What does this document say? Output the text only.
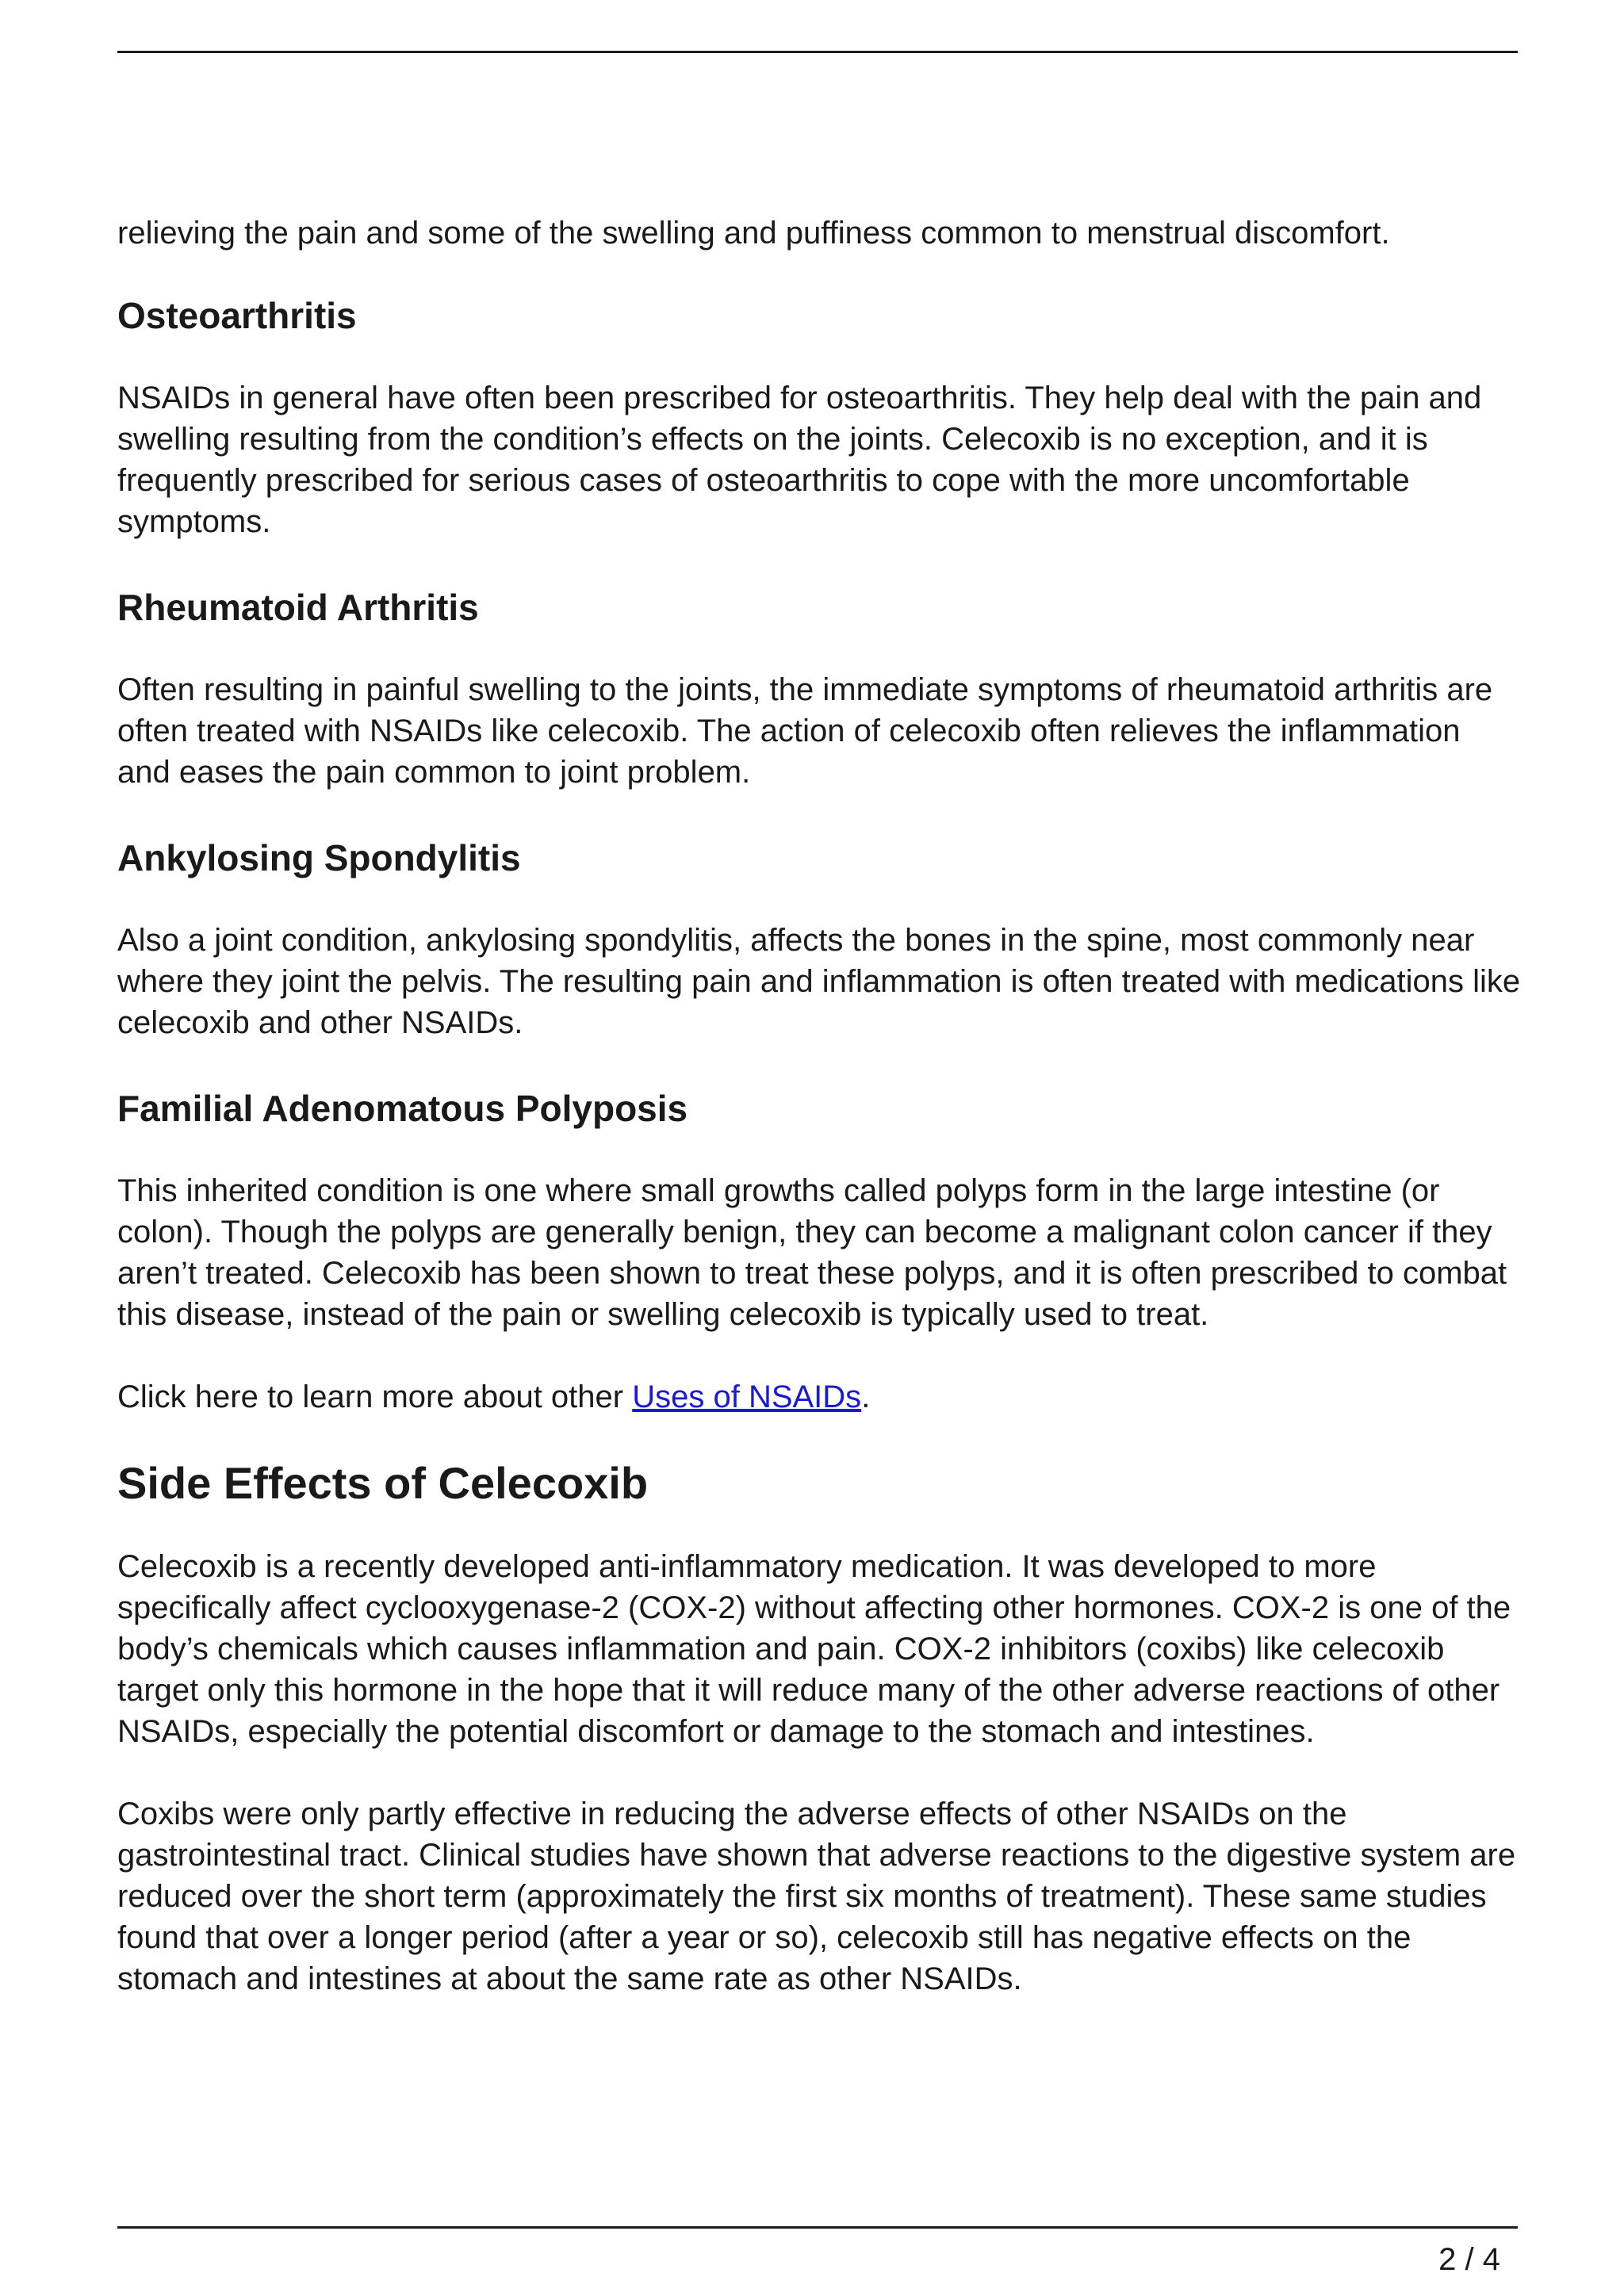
relieving the pain and some of the swelling and puffiness common to menstrual discomfort.

Osteoarthritis

NSAIDs in general have often been prescribed for osteoarthritis. They help deal with the pain and swelling resulting from the condition’s effects on the joints. Celecoxib is no exception, and it is frequently prescribed for serious cases of osteoarthritis to cope with the more uncomfortable symptoms.

Rheumatoid Arthritis

Often resulting in painful swelling to the joints, the immediate symptoms of rheumatoid arthritis are often treated with NSAIDs like celecoxib. The action of celecoxib often relieves the inflammation and eases the pain common to joint problem.

Ankylosing Spondylitis

Also a joint condition, ankylosing spondylitis, affects the bones in the spine, most commonly near where they joint the pelvis. The resulting pain and inflammation is often treated with medications like celecoxib and other NSAIDs.

Familial Adenomatous Polyposis

This inherited condition is one where small growths called polyps form in the large intestine (or colon). Though the polyps are generally benign, they can become a malignant colon cancer if they aren’t treated. Celecoxib has been shown to treat these polyps, and it is often prescribed to combat this disease, instead of the pain or swelling celecoxib is typically used to treat.

Click here to learn more about other Uses of NSAIDs.

Side Effects of Celecoxib

Celecoxib is a recently developed anti-inflammatory medication. It was developed to more specifically affect cyclooxygenase-2 (COX-2) without affecting other hormones. COX-2 is one of the body’s chemicals which causes inflammation and pain. COX-2 inhibitors (coxibs) like celecoxib target only this hormone in the hope that it will reduce many of the other adverse reactions of other NSAIDs, especially the potential discomfort or damage to the stomach and intestines.

Coxibs were only partly effective in reducing the adverse effects of other NSAIDs on the gastrointestinal tract. Clinical studies have shown that adverse reactions to the digestive system are reduced over the short term (approximately the first six months of treatment). These same studies found that over a longer period (after a year or so), celecoxib still has negative effects on the stomach and intestines at about the same rate as other NSAIDs.

2 / 4
